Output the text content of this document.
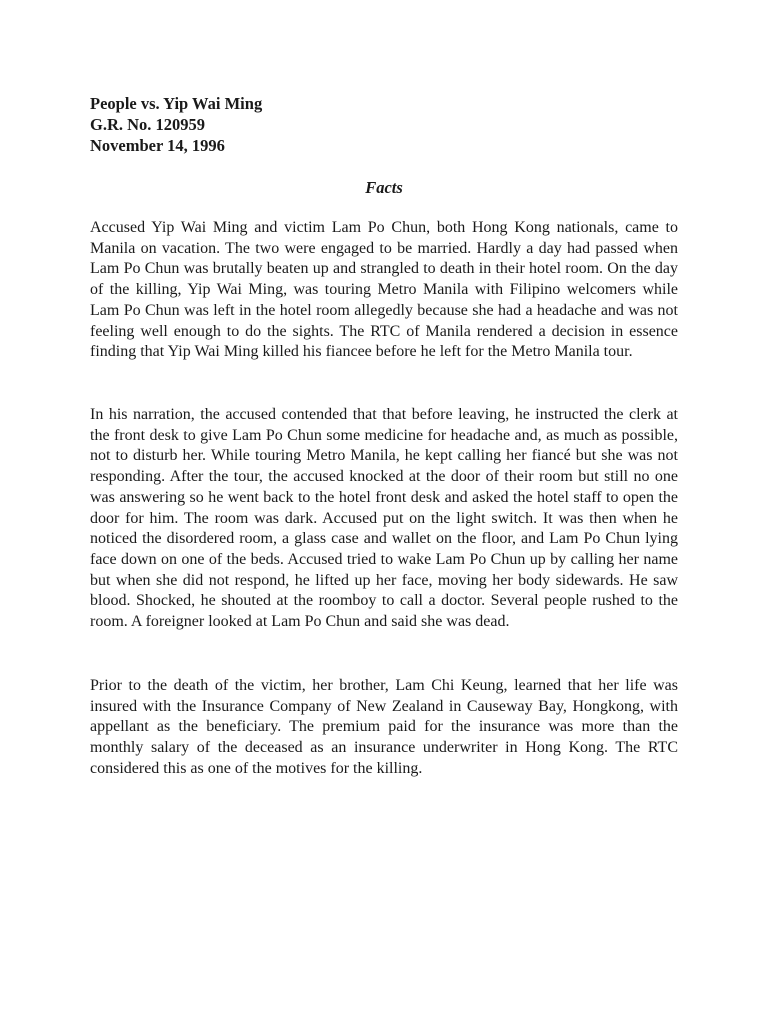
People vs. Yip Wai Ming
G.R. No. 120959
November 14, 1996
Facts

Accused Yip Wai Ming and victim Lam Po Chun, both Hong Kong nationals, came to Manila on vacation. The two were engaged to be married. Hardly a day had passed when Lam Po Chun was brutally beaten up and strangled to death in their hotel room. On the day of the killing, Yip Wai Ming, was touring Metro Manila with Filipino welcomers while Lam Po Chun was left in the hotel room allegedly because she had a headache and was not feeling well enough to do the sights. The RTC of Manila rendered a decision in essence finding that Yip Wai Ming killed his fiancee before he left for the Metro Manila tour.

In his narration, the accused contended that that before leaving, he instructed the clerk at the front desk to give Lam Po Chun some medicine for headache and, as much as possible, not to disturb her. While touring Metro Manila, he kept calling her fiancé but she was not responding. After the tour, the accused knocked at the door of their room but still no one was answering so he went back to the hotel front desk and asked the hotel staff to open the door for him. The room was dark. Accused put on the light switch. It was then when he noticed the disordered room, a glass case and wallet on the floor, and Lam Po Chun lying face down on one of the beds. Accused tried to wake Lam Po Chun up by calling her name but when she did not respond, he lifted up her face, moving her body sidewards. He saw blood. Shocked, he shouted at the roomboy to call a doctor. Several people rushed to the room. A foreigner looked at Lam Po Chun and said she was dead.

Prior to the death of the victim, her brother, Lam Chi Keung, learned that her life was insured with the Insurance Company of New Zealand in Causeway Bay, Hongkong, with appellant as the beneficiary. The premium paid for the insurance was more than the monthly salary of the deceased as an insurance underwriter in Hong Kong. The RTC considered this as one of the motives for the killing.
